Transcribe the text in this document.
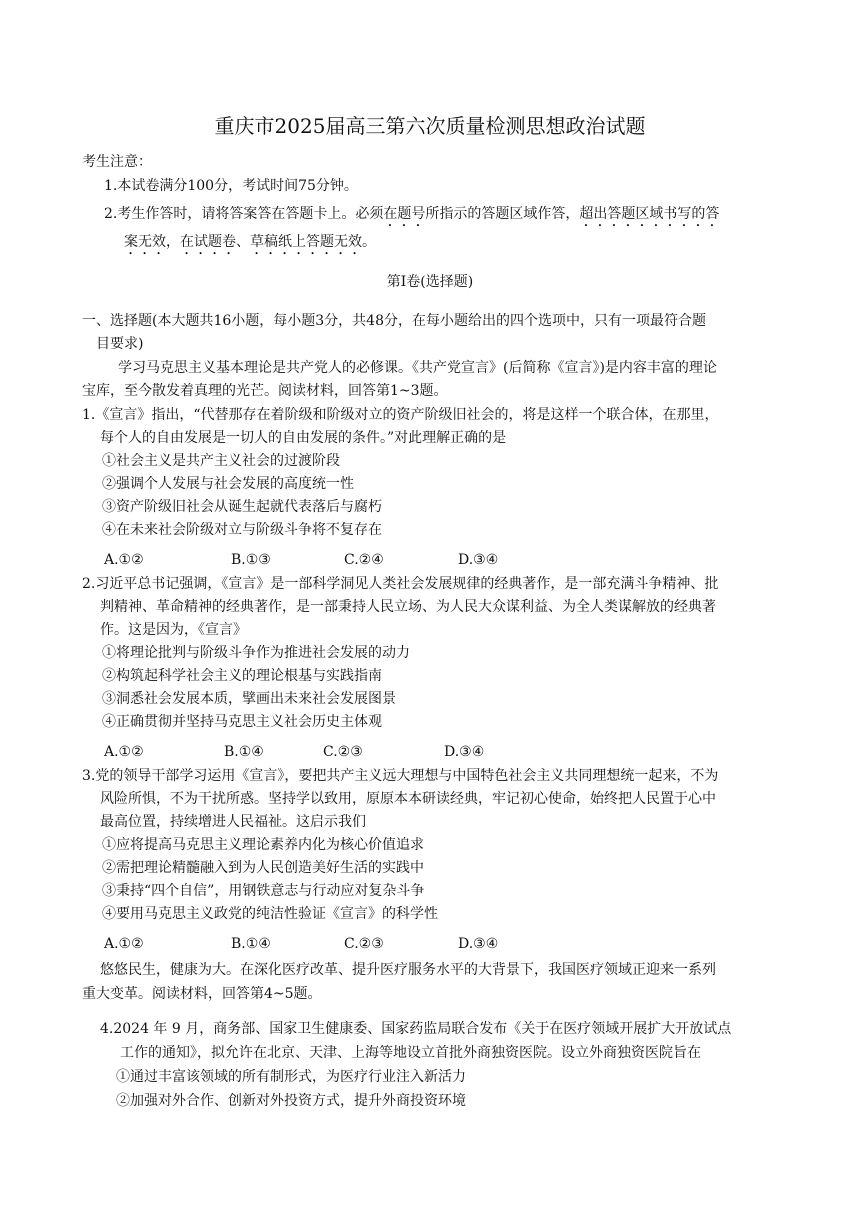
重庆市2025届高三第六次质量检测思想政治试题
考生注意：
1.本试卷满分100分，考试时间75分钟。
2.考生作答时，请将答案答在答题卡上。必须在题号所指示的答题区域作答，超出答题区域书写的答
案无效，在试题卷、草稿纸上答题无效。
第Ⅰ卷(选择题)
一、选择题(本大题共16小题，每小题3分，共48分，在每小题给出的四个选项中，只有一项最符合题
目要求)
学习马克思主义基本理论是共产党人的必修课。《共产党宣言》(后简称《宣言》)是内容丰富的理论
宝库，至今散发着真理的光芒。阅读材料，回答第1~3题。
1.《宣言》指出，“代替那存在着阶级和阶级对立的资产阶级旧社会的，将是这样一个联合体，在那里，
每个人的自由发展是一切人的自由发展的条件。”对此理解正确的是
①社会主义是共产主义社会的过渡阶段
②强调个人发展与社会发展的高度统一性
③资产阶级旧社会从诞生起就代表落后与腐朽
④在未来社会阶级对立与阶级斗争将不复存在
A.①②	B.①③	C.②④	D.③④
2.习近平总书记强调，《宣言》是一部科学洞见人类社会发展规律的经典著作，是一部充满斗争精神、批
判精神、革命精神的经典著作，是一部秉持人民立场、为人民大众谋利益、为全人类谋解放的经典著
作。这是因为，《宣言》
①将理论批判与阶级斗争作为推进社会发展的动力
②构筑起科学社会主义的理论根基与实践指南
③洞悉社会发展本质，擘画出未来社会发展图景
④正确贯彻并坚持马克思主义社会历史主体观
A.①②	B.①④	C.②③	D.③④
3.党的领导干部学习运用《宣言》，要把共产主义远大理想与中国特色社会主义共同理想统一起来，不为
风险所惧，不为干扰所惑。坚持学以致用，原原本本研读经典，牢记初心使命，始终把人民置于心中
最高位置，持续增进人民福祉。这启示我们
①应将提高马克思主义理论素养内化为核心价值追求
②需把理论精髓融入到为人民创造美好生活的实践中
③秉持“四个自信”，用钢铁意志与行动应对复杂斗争
④要用马克思主义政党的纯洁性验证《宣言》的科学性
A.①②	B.①④	C.②③	D.③④
悠悠民生，健康为大。在深化医疗改革、提升医疗服务水平的大背景下，我国医疗领域正迎来一系列
重大变革。阅读材料，回答第4~5题。
4.2024 年 9 月，商务部、国家卫生健康委、国家药监局联合发布《关于在医疗领域开展扩大开放试点
工作的通知》，拟允许在北京、天津、上海等地设立首批外商独资医院。设立外商独资医院旨在
①通过丰富该领域的所有制形式，为医疗行业注入新活力
②加强对外合作、创新对外投资方式，提升外商投资环境
